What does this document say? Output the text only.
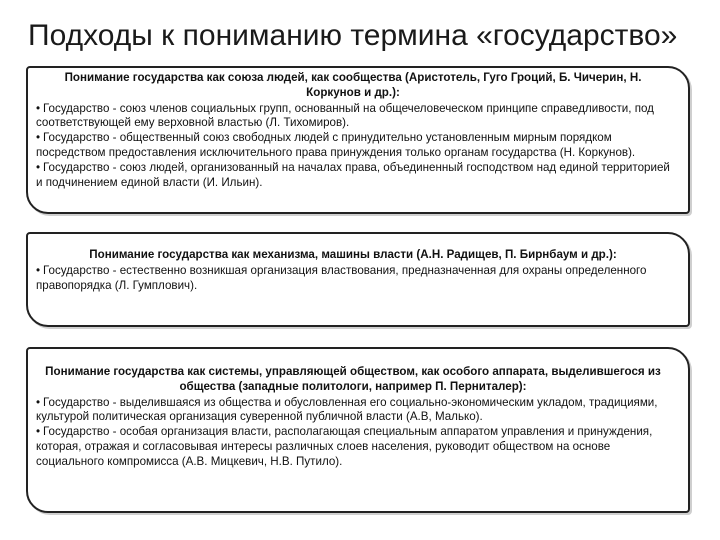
Подходы к пониманию термина «государство»

Понимание государства как союза людей, как сообщества (Аристотель, Гуго Гроций, Б. Чичерин, Н. Коркунов и др.):

• Государство - союз членов социальных групп, основанный на общечеловеческом принципе справедливости, под соответствующей ему верховной властью (Л. Тихомиров).

• Государство - общественный союз свободных людей с принудительно установленным мирным порядком посредством предоставления исключительного права принуждения только органам государства (Н. Коркунов).

• Государство - союз людей, организованный на началах права, объединенный господством над единой территорией и подчинением единой власти (И. Ильин).

Понимание государства как механизма, машины власти (А.Н. Радищев, П. Бирнбаум и др.):

• Государство - естественно возникшая организация властвования, предназначенная для охраны определенного правопорядка (Л. Гумплович).

Понимание государства как системы, управляющей обществом, как особого аппарата, выделившегося из общества (западные политологи, например П. Перниталер):

• Государство - выделившаяся из общества и обусловленная его социально-экономическим укладом, традициями, культурой политическая организация суверенной публичной власти (А.В, Малько).

• Государство - особая организация власти, располагающая специальным аппаратом управления и принуждения, которая, отражая и согласовывая интересы различных слоев населения, руководит обществом на основе социального компромисса (А.В. Мицкевич, Н.В. Путило).
